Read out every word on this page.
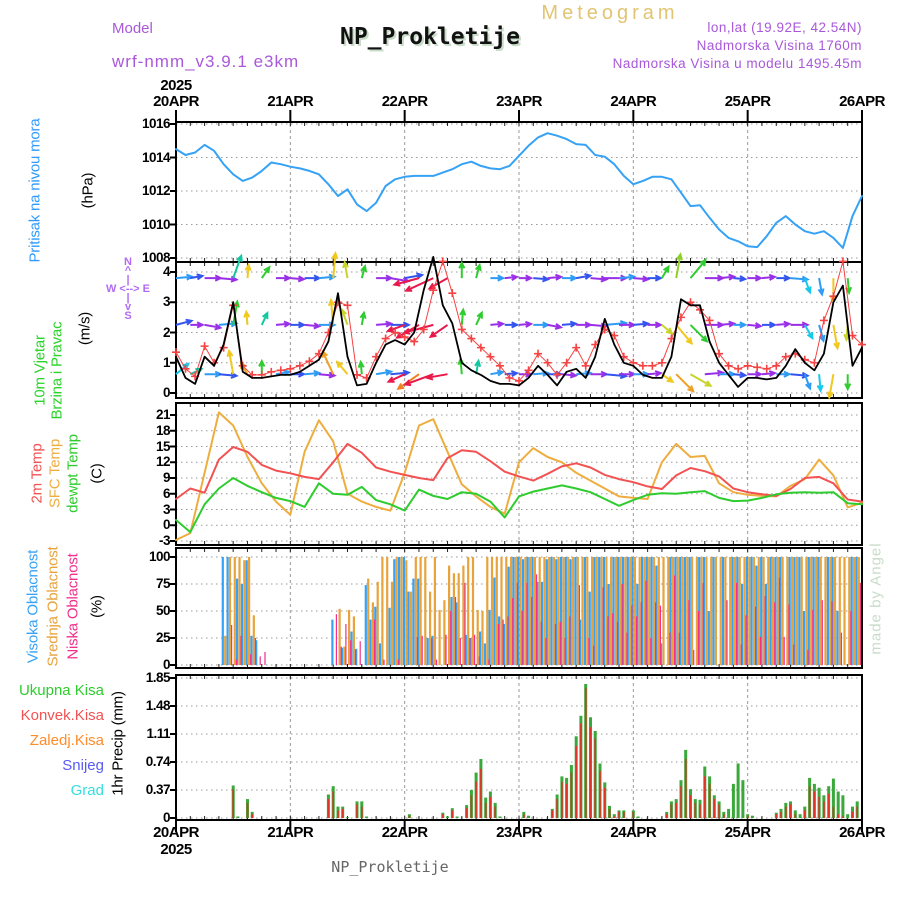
Meteogram
Model
wrf-nmm_v3.9.1 e3km
NP_Prokletije	lon,lat (19.92E, 42.54N)
Nadmorska Visina 1760m
Nadmorska Visina u modelu 1495.45m
Pritisak na nivou mora (hPa)
10m Vjetar Brzina i Pravac (m/s)
N
^
|
W <--> E
|
v
S
2m Temp SFC Temp dewpt Temp (C)
Visoka Oblacnost Srednja Oblacnost Niska Oblacnost (%)
Ukupna Kisa
Konvek.Kisa
Zaledj.Kisa
Snijeg
Grad 1hr Precip (mm)
made by Angel
NP_Prokletije
1016
1014
1012
1010
1008
4
3
2
1
0
21
18
15
12
9
6
3
0
-3
100
75
50
25
0
1.85
1.48
1.11
0.74
0.37
0
20APR
20APR
21APR
21APR
22APR
22APR
23APR
23APR
24APR
24APR
25APR
25APR
26APR
26APR
2025
2025
